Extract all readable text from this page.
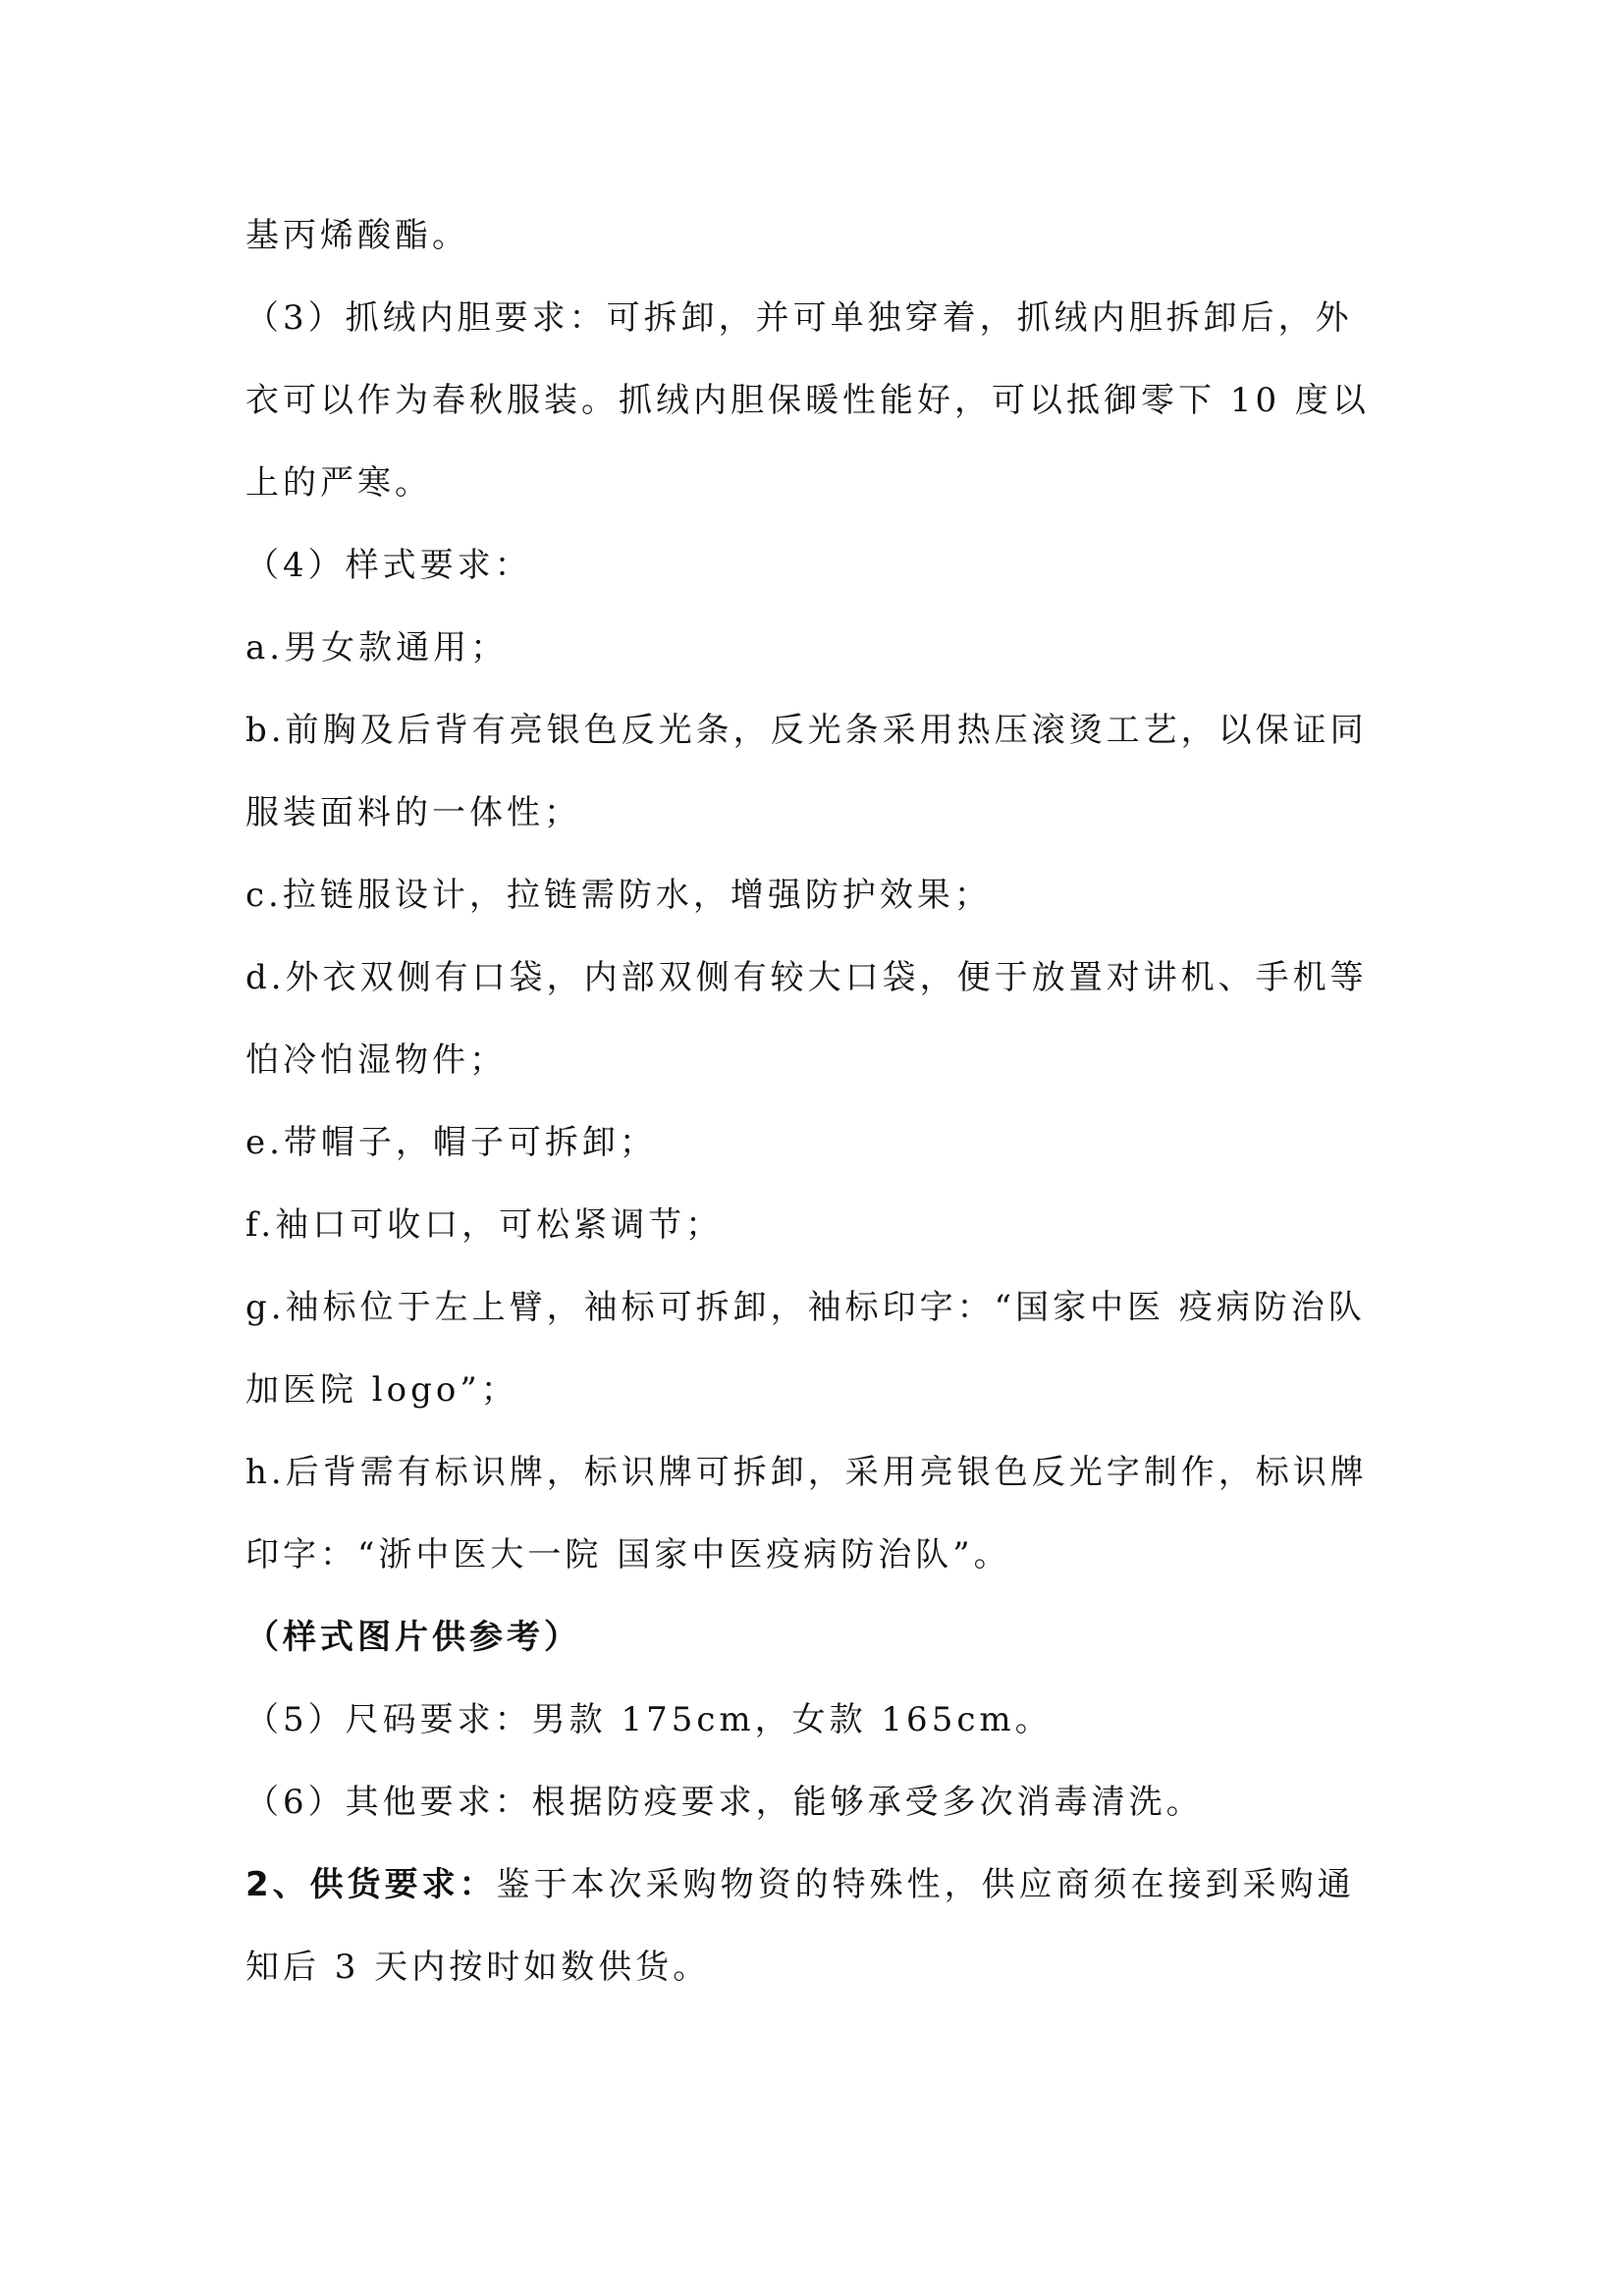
基丙烯酸酯。
（3）抓绒内胆要求：可拆卸，并可单独穿着，抓绒内胆拆卸后，外
衣可以作为春秋服装。抓绒内胆保暖性能好，可以抵御零下 10 度以
上的严寒。
（4）样式要求：
a.男女款通用；
b.前胸及后背有亮银色反光条，反光条采用热压滚烫工艺，以保证同
服装面料的一体性；
c.拉链服设计，拉链需防水，增强防护效果；
d.外衣双侧有口袋，内部双侧有较大口袋，便于放置对讲机、手机等
怕冷怕湿物件；
e.带帽子，帽子可拆卸；
f.袖口可收口，可松紧调节；
g.袖标位于左上臂，袖标可拆卸，袖标印字：“国家中医 疫病防治队
加医院 logo”；
h.后背需有标识牌，标识牌可拆卸，采用亮银色反光字制作，标识牌
印字：“浙中医大一院 国家中医疫病防治队”。
（样式图片供参考）
（5）尺码要求：男款 175cm，女款 165cm。
（6）其他要求：根据防疫要求，能够承受多次消毒清洗。
2、供货要求：鉴于本次采购物资的特殊性，供应商须在接到采购通
知后 3 天内按时如数供货。
